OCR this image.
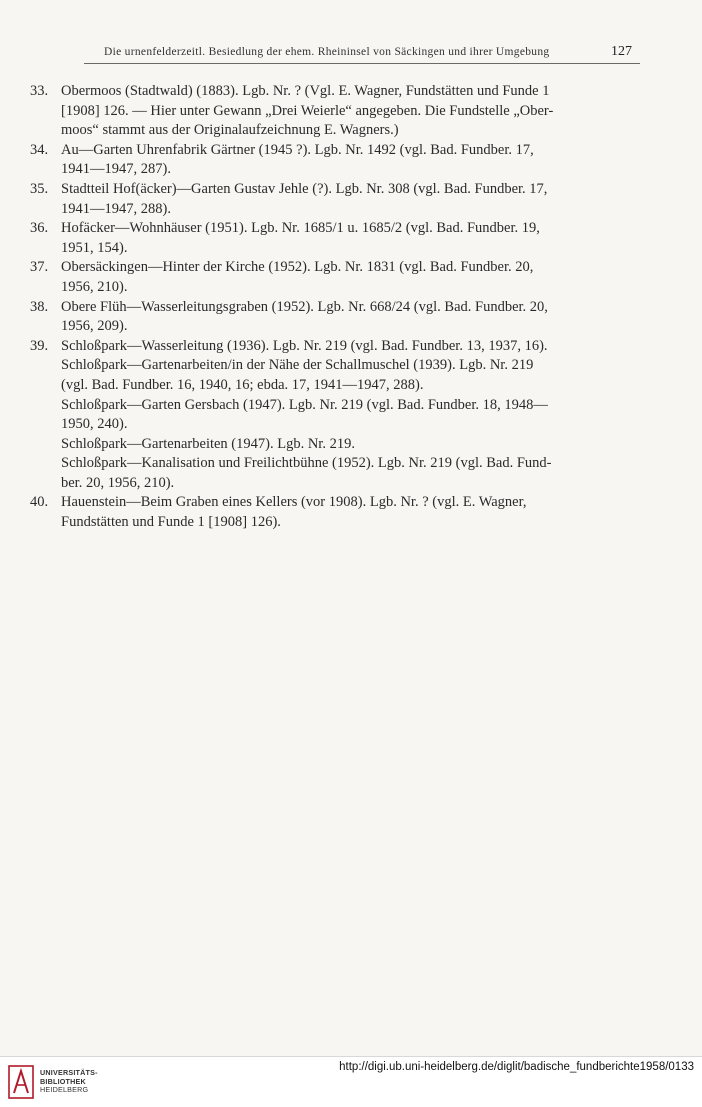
Die urnenfelderzeitl. Besiedlung der ehem. Rheininsel von Säckingen und ihrer Umgebung	127
33. Obermoos (Stadtwald) (1883). Lgb. Nr. ? (Vgl. E. Wagner, Fundstätten und Funde 1
[1908] 126. — Hier unter Gewann „Drei Weierle“ angegeben. Die Fundstelle „Ober-
moos“ stammt aus der Originalaufzeichnung E. Wagners.)
34. Au—Garten Uhrenfabrik Gärtner (1945 ?). Lgb. Nr. 1492 (vgl. Bad. Fundber. 17,
1941—1947, 287).
35. Stadtteil Hof(äcker)—Garten Gustav Jehle (?). Lgb. Nr. 308 (vgl. Bad. Fundber. 17,
1941—1947, 288).
36. Hofäcker—Wohnhäuser (1951). Lgb. Nr. 1685/1 u. 1685/2 (vgl. Bad. Fundber. 19,
1951, 154).
37. Obersäckingen—Hinter der Kirche (1952). Lgb. Nr. 1831 (vgl. Bad. Fundber. 20,
1956, 210).
38. Obere Flüh—Wasserleitungsgraben (1952). Lgb. Nr. 668/24 (vgl. Bad. Fundber. 20,
1956, 209).
39. Schloßpark—Wasserleitung (1936). Lgb. Nr. 219 (vgl. Bad. Fundber. 13, 1937, 16).
Schloßpark—Gartenarbeiten/in der Nähe der Schallmuschel (1939). Lgb. Nr. 219
(vgl. Bad. Fundber. 16, 1940, 16; ebda. 17, 1941—1947, 288).
Schloßpark—Garten Gersbach (1947). Lgb. Nr. 219 (vgl. Bad. Fundber. 18, 1948—
1950, 240).
Schloßpark—Gartenarbeiten (1947). Lgb. Nr. 219.
Schloßpark—Kanalisation und Freilichtbühne (1952). Lgb. Nr. 219 (vgl. Bad. Fund-
ber. 20, 1956, 210).
40. Hauenstein—Beim Graben eines Kellers (vor 1908). Lgb. Nr. ? (vgl. E. Wagner,
Fundstätten und Funde 1 [1908] 126).
UNIVERSITÄTS-
BIBLIOTHEK
HEIDELBERG
http://digi.ub.uni-heidelberg.de/diglit/badische_fundberichte1958/0133
